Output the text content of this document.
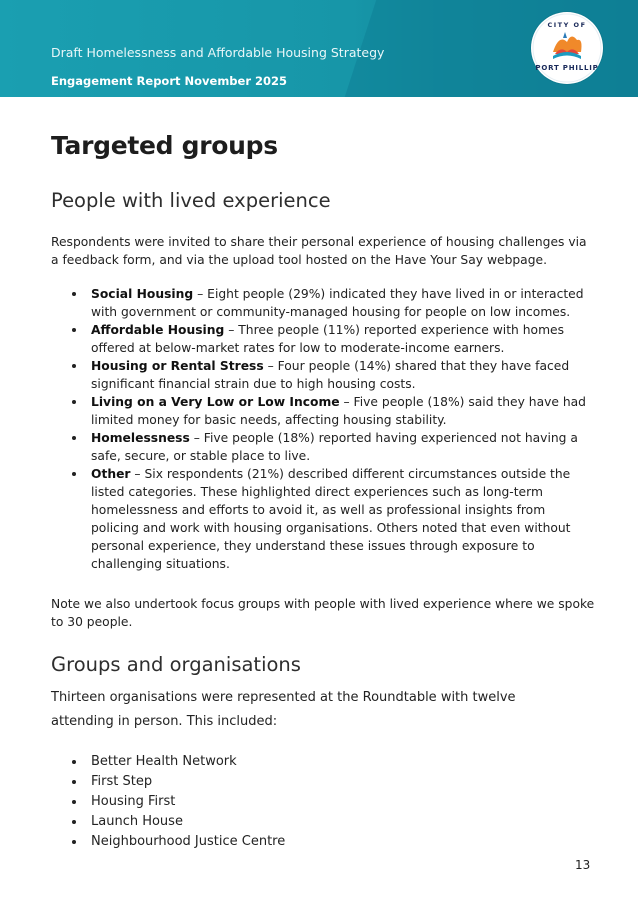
Draft Homelessness and Affordable Housing Strategy
Engagement Report November 2025
CITY OF
PORT PHILLIP
Targeted groups
People with lived experience

Respondents were invited to share their personal experience of housing challenges via a feedback form, and via the upload tool hosted on the Have Your Say webpage.

Social Housing – Eight people (29%) indicated they have lived in or interacted with government or community-managed housing for people on low incomes.
Affordable Housing – Three people (11%) reported experience with homes offered at below-market rates for low to moderate-income earners.
Housing or Rental Stress – Four people (14%) shared that they have faced significant financial strain due to high housing costs.
Living on a Very Low or Low Income – Five people (18%) said they have had limited money for basic needs, affecting housing stability.
Homelessness – Five people (18%) reported having experienced not having a safe, secure, or stable place to live.
Other – Six respondents (21%) described different circumstances outside the listed categories. These highlighted direct experiences such as long-term homelessness and efforts to avoid it, as well as professional insights from policing and work with housing organisations. Others noted that even without personal experience, they understand these issues through exposure to challenging situations.

Note we also undertook focus groups with people with lived experience where we spoke to 30 people.

Groups and organisations

Thirteen organisations were represented at the Roundtable with twelve attending in person. This included:

Better Health Network
First Step
Housing First
Launch House
Neighbourhood Justice Centre
13
